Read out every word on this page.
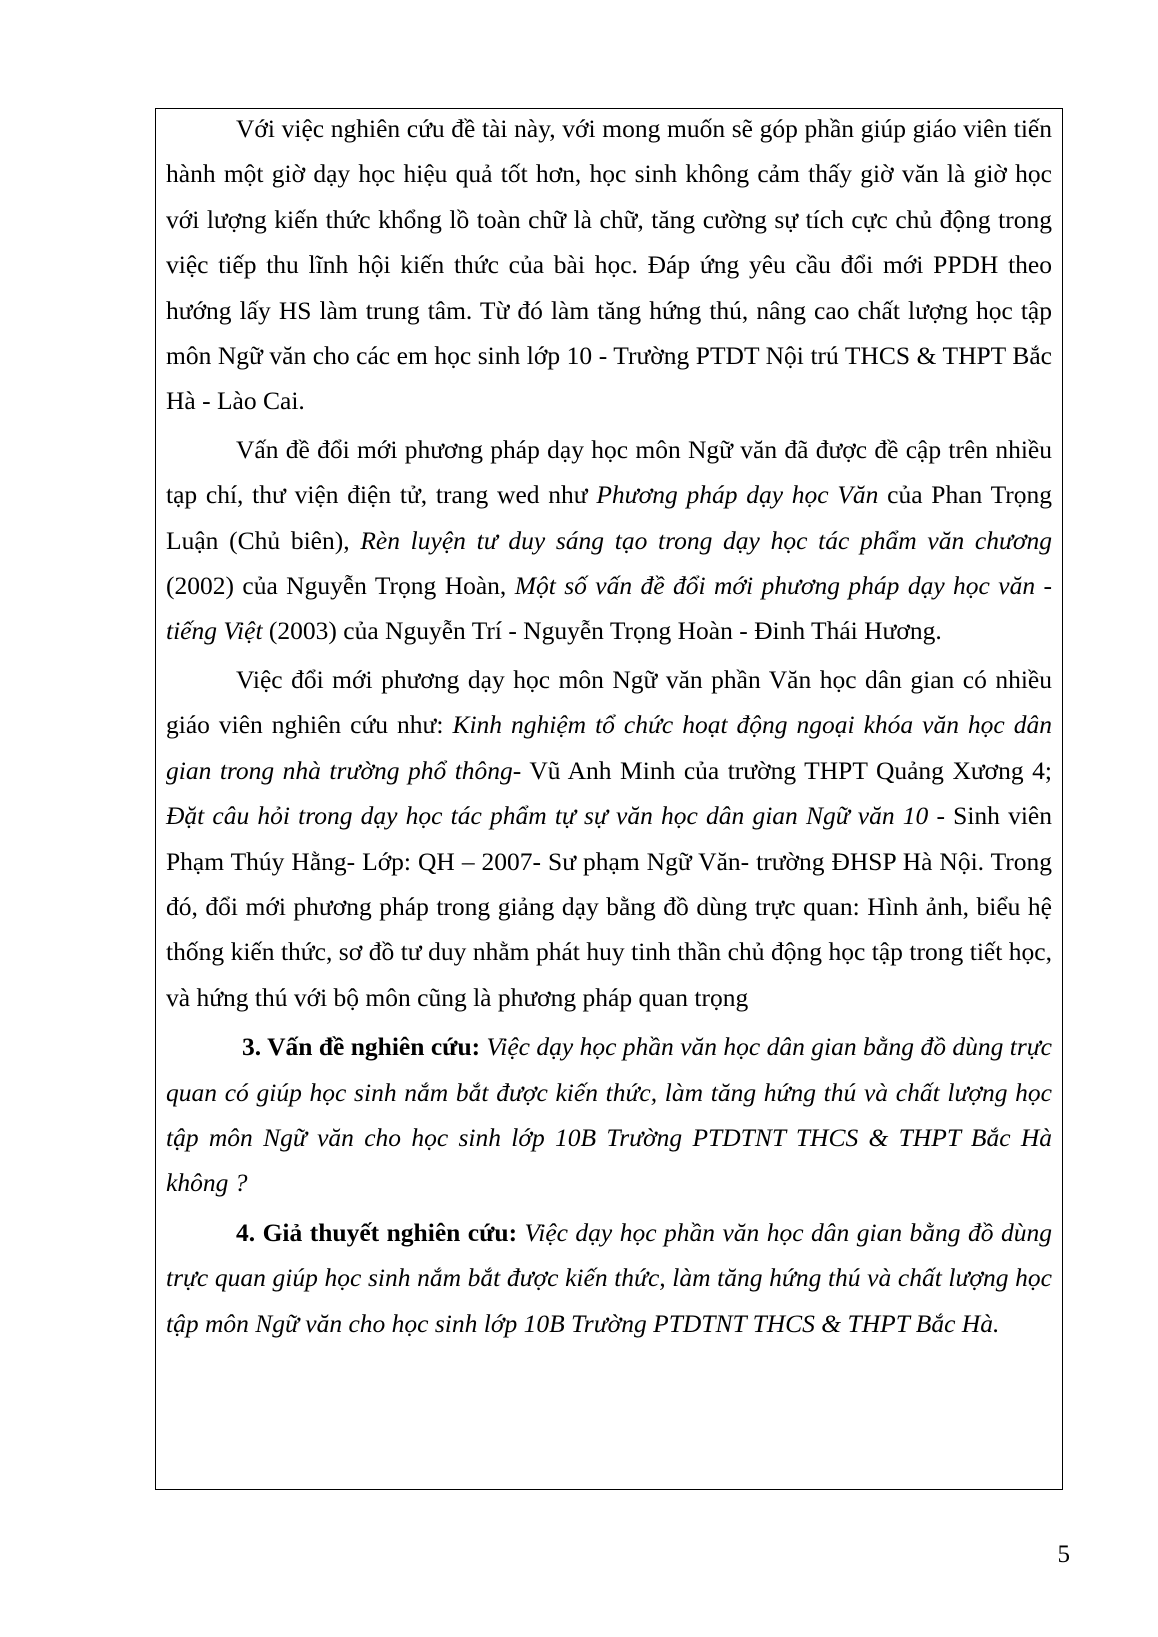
Với việc nghiên cứu đề tài này, với mong muốn sẽ góp phần giúp giáo viên tiến hành một giờ dạy học hiệu quả tốt hơn, học sinh không cảm thấy giờ văn là giờ học với lượng kiến thức khổng lồ toàn chữ là chữ, tăng cường sự tích cực chủ động trong việc tiếp thu lĩnh hội kiến thức của bài học. Đáp ứng yêu cầu đổi mới PPDH theo hướng lấy HS làm trung tâm. Từ đó làm tăng hứng thú, nâng cao chất lượng học tập môn Ngữ văn cho các em học sinh lớp 10 - Trường PTDT Nội trú THCS & THPT Bắc Hà - Lào Cai.

Vấn đề đổi mới phương pháp dạy học môn Ngữ văn đã được đề cập trên nhiều tạp chí, thư viện điện tử, trang wed như Phương pháp dạy học Văn của Phan Trọng Luận (Chủ biên), Rèn luyện tư duy sáng tạo trong dạy học tác phẩm văn chương (2002) của Nguyễn Trọng Hoàn, Một số vấn đề đổi mới phương pháp dạy học văn - tiếng Việt (2003) của Nguyễn Trí - Nguyễn Trọng Hoàn - Đinh Thái Hương.

Việc đổi mới phương dạy học môn Ngữ văn phần Văn học dân gian có nhiều giáo viên nghiên cứu như: Kinh nghiệm tổ chức hoạt động ngoại khóa văn học dân gian trong nhà trường phổ thông- Vũ Anh Minh của trường THPT Quảng Xương 4; Đặt câu hỏi trong dạy học tác phẩm tự sự văn học dân gian Ngữ văn 10 - Sinh viên Phạm Thúy Hằng- Lớp: QH – 2007- Sư phạm Ngữ Văn- trường ĐHSP Hà Nội. Trong đó, đổi mới phương pháp trong giảng dạy bằng đồ dùng trực quan: Hình ảnh, biểu hệ thống kiến thức, sơ đồ tư duy nhằm phát huy tinh thần chủ động học tập trong tiết học, và hứng thú với bộ môn cũng là phương pháp quan trọng

3. Vấn đề nghiên cứu: Việc dạy học phần văn học dân gian bằng đồ dùng trực quan có giúp học sinh nắm bắt được kiến thức, làm tăng hứng thú và chất lượng học tập môn Ngữ văn cho học sinh lớp 10B Trường PTDTNT THCS & THPT Bắc Hà không ?

4. Giả thuyết nghiên cứu: Việc dạy học phần văn học dân gian bằng đồ dùng trực quan giúp học sinh nắm bắt được kiến thức, làm tăng hứng thú và chất lượng học tập môn Ngữ văn cho học sinh lớp 10B Trường PTDTNT THCS & THPT Bắc Hà.

5
